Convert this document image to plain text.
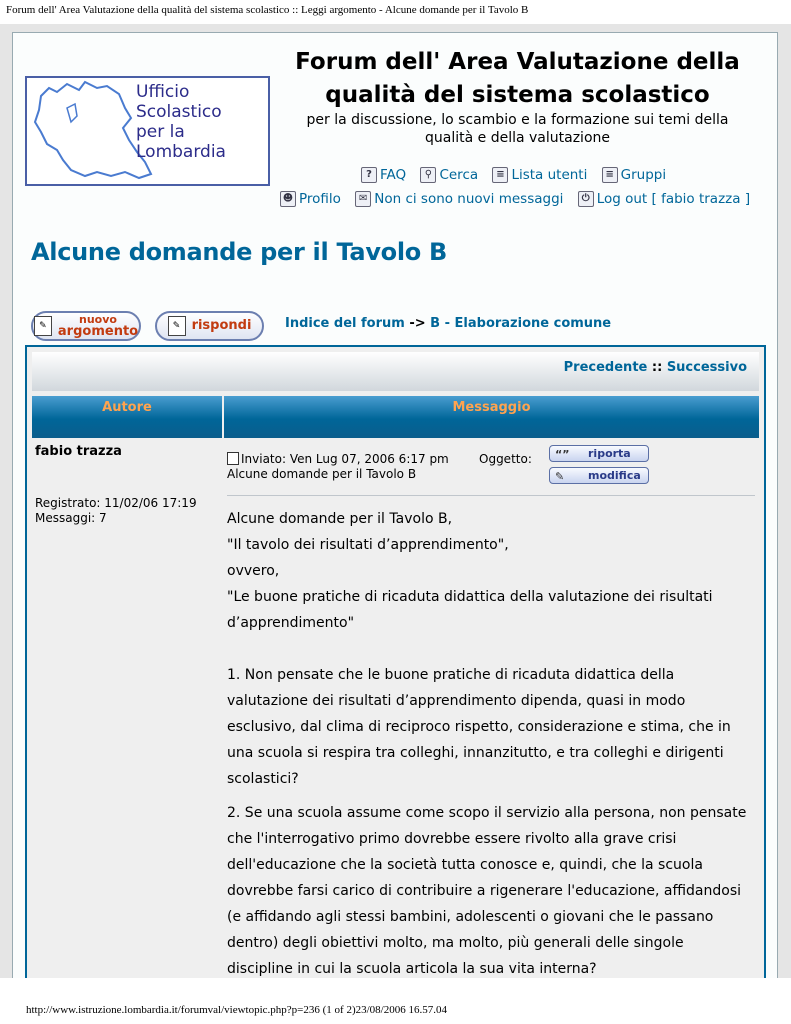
Forum dell' Area Valutazione della qualità del sistema scolastico :: Leggi argomento - Alcune domande per il Tavolo B
Ufficio
Scolastico
per la
Lombardia
Forum dell' Area Valutazione della
qualità del sistema scolastico
per la discussione, lo scambio e la formazione sui temi della
qualità e della valutazione
? FAQ
	⚲ Cerca
	≡ Lista utenti
	≡ Gruppi
☻ Profilo
	✉ Non ci sono nuovi messaggi
	⏻ Log out [ fabio trazza ]
Alcune domande per il Tavolo B
✎	nuovo
argomento	✎ rispondi	Indice del forum -> B - Elaborazione comune
Precedente :: Successivo
Autore	Messaggio
fabio trazza
Registrato: 11/02/06 17:19
Messaggi: 7
Inviato: Ven Lug 07, 2006 6:17 pm
Alcune domande per il Tavolo B
Oggetto: “” riporta
✎ modifica

Alcune domande per il Tavolo B,

"Il tavolo dei risultati d’apprendimento",

ovvero,

"Le buone pratiche di ricaduta didattica della valutazione dei risultati d’apprendimento"

1. Non pensate che le buone pratiche di ricaduta didattica della valutazione dei risultati d’apprendimento dipenda, quasi in modo esclusivo, dal clima di reciproco rispetto, considerazione e stima, che in una scuola si respira tra colleghi, innanzitutto, e tra colleghi e dirigenti scolastici?

2. Se una scuola assume come scopo il servizio alla persona, non pensate che l'interrogativo primo dovrebbe essere rivolto alla grave crisi dell'educazione che la società tutta conosce e, quindi, che la scuola dovrebbe farsi carico di contribuire a rigenerare l'educazione, affidandosi (e affidando agli stessi bambini, adolescenti o giovani che le passano dentro) degli obiettivi molto, ma molto, più generali delle singole discipline in cui la scuola articola la sua vita interna?

http://www.istruzione.lombardia.it/forumval/viewtopic.php?p=236 (1 of 2)23/08/2006 16.57.04
